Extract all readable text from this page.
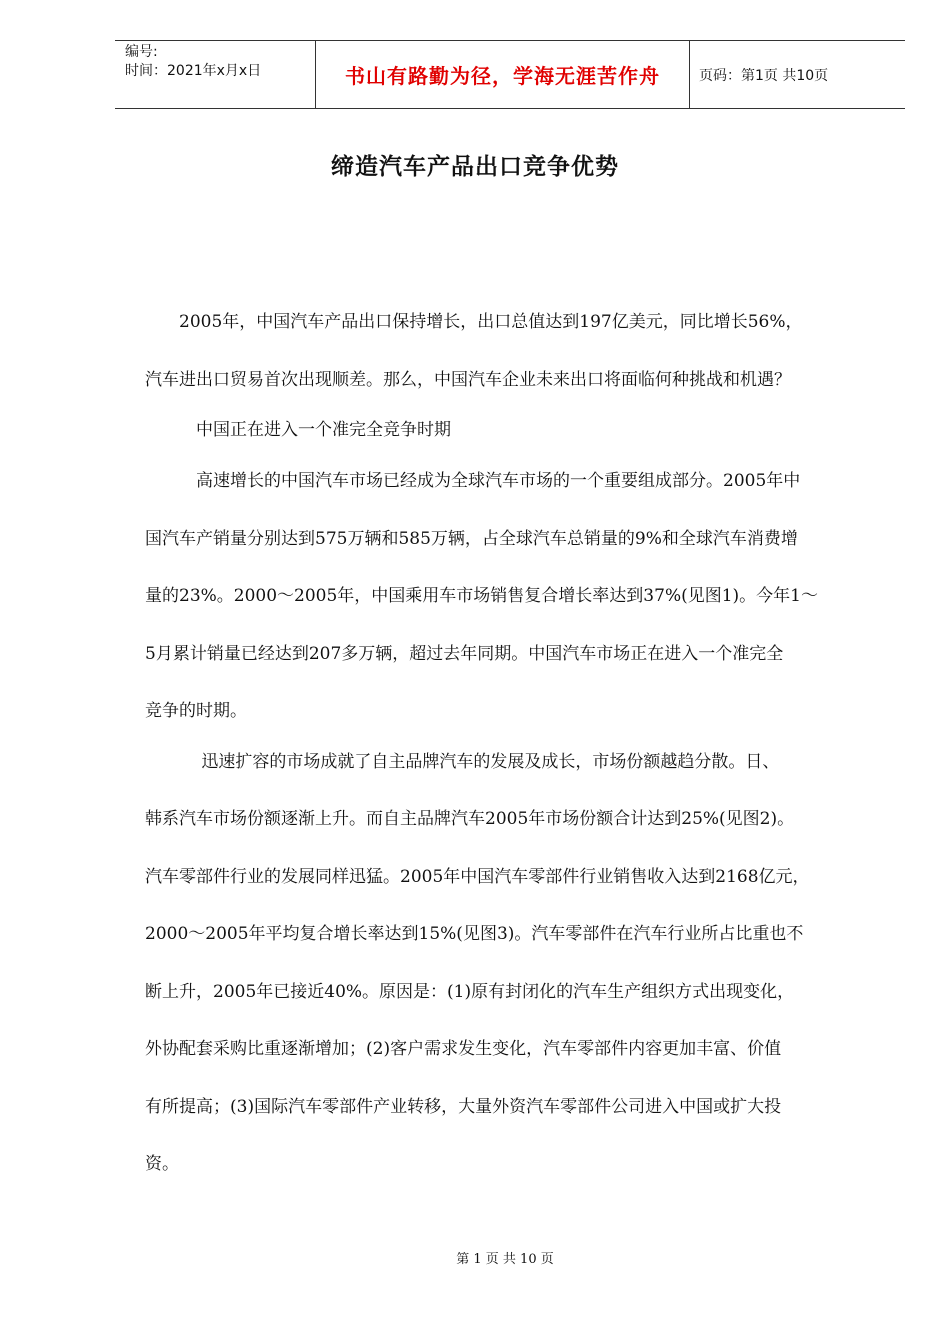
编号:
时间：2021年x月x日	书山有路勤为径，学海无涯苦作舟	页码：第1页 共10页
缔造汽车产品出口竞争优势
　　2005年，中国汽车产品出口保持增长，出口总值达到197亿美元，同比增长56%，
汽车进出口贸易首次出现顺差。那么，中国汽车企业未来出口将面临何种挑战和机遇？
　　　中国正在进入一个准完全竞争时期
　　　高速增长的中国汽车市场已经成为全球汽车市场的一个重要组成部分。2005年中
国汽车产销量分别达到575万辆和585万辆，占全球汽车总销量的9%和全球汽车消费增
量的23%。2000～2005年，中国乘用车市场销售复合增长率达到37%(见图1)。今年1～
5月累计销量已经达到207多万辆，超过去年同期。中国汽车市场正在进入一个准完全
竞争的时期。
　　　 迅速扩容的市场成就了自主品牌汽车的发展及成长，市场份额越趋分散。日、
韩系汽车市场份额逐渐上升。而自主品牌汽车2005年市场份额合计达到25%(见图2)。
汽车零部件行业的发展同样迅猛。2005年中国汽车零部件行业销售收入达到2168亿元，
2000～2005年平均复合增长率达到15%(见图3)。汽车零部件在汽车行业所占比重也不
断上升，2005年已接近40%。原因是：(1)原有封闭化的汽车生产组织方式出现变化，
外协配套采购比重逐渐增加；(2)客户需求发生变化，汽车零部件内容更加丰富、价值
有所提高；(3)国际汽车零部件产业转移，大量外资汽车零部件公司进入中国或扩大投
资。
第 1 页 共 10 页
